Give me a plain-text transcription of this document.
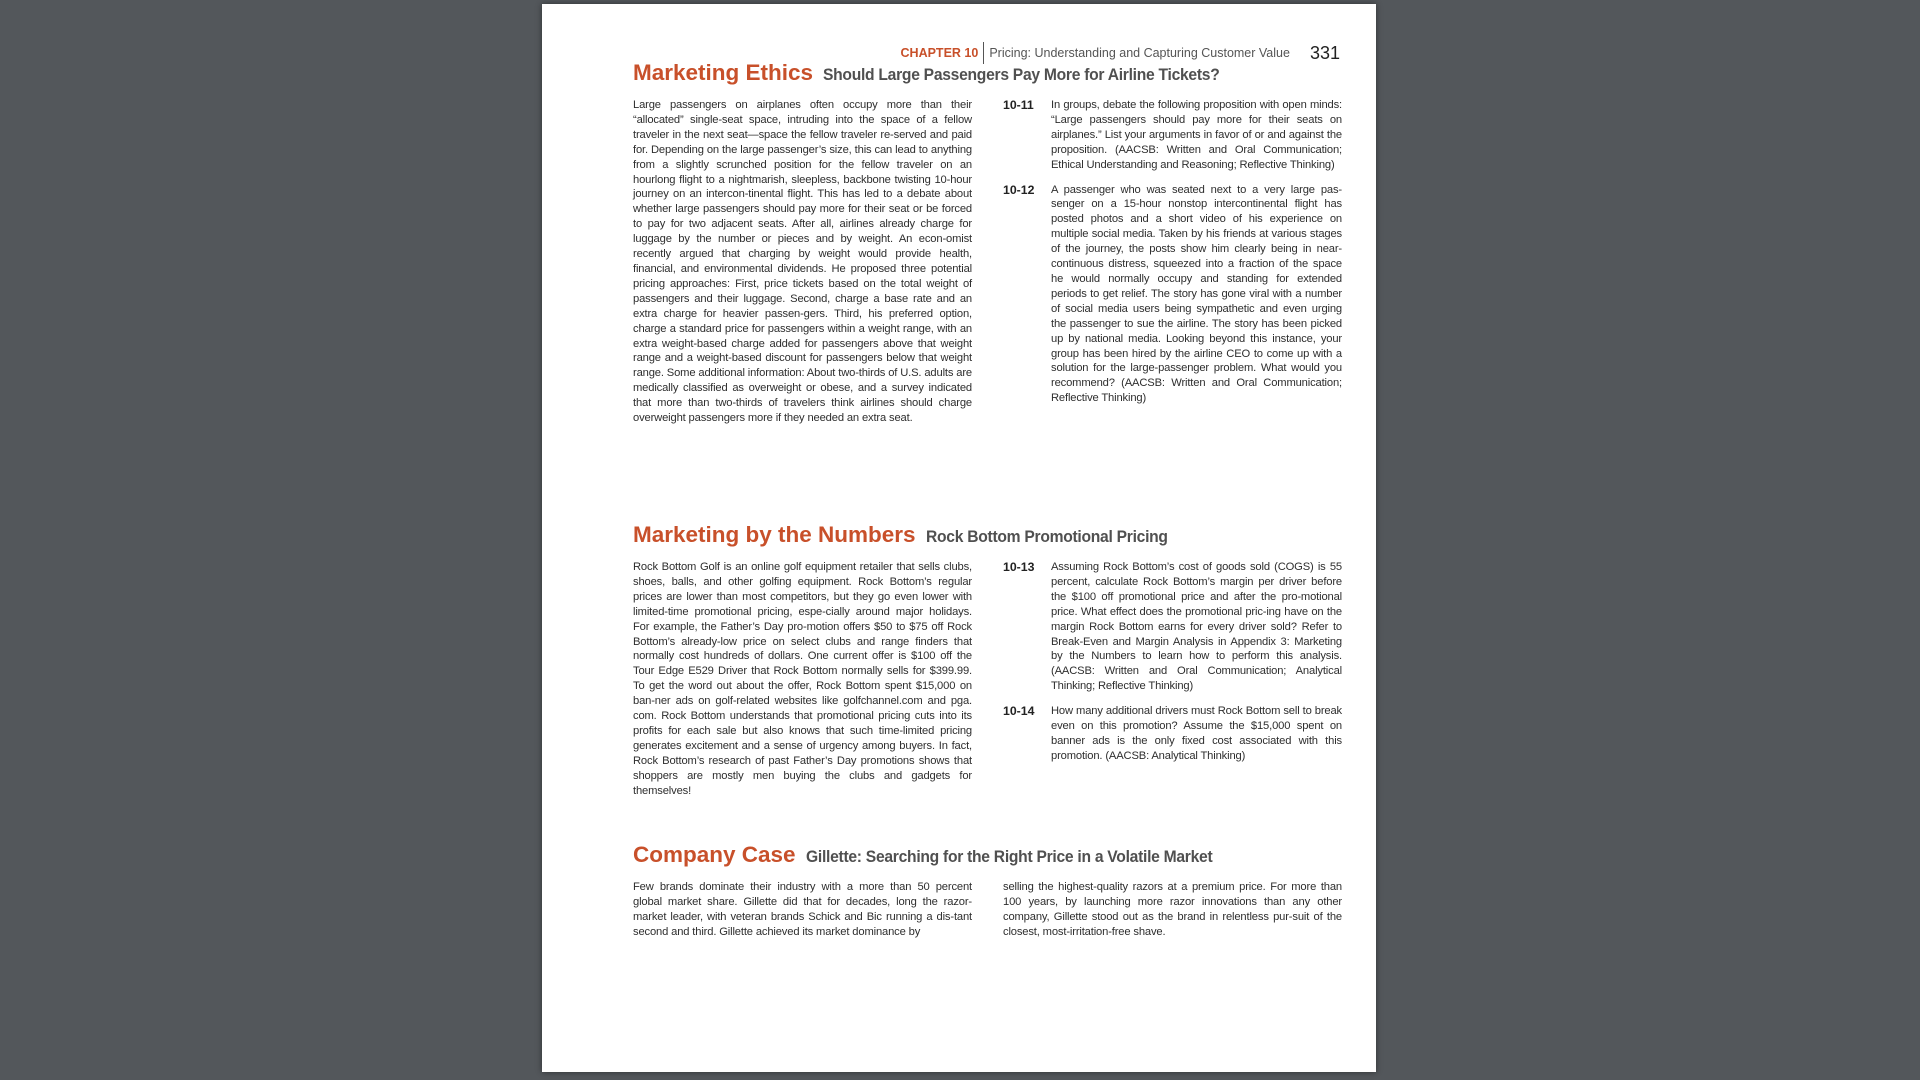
CHAPTER 10 Pricing: Understanding and Capturing Customer Value 331
Marketing Ethics Should Large Passengers Pay More for Airline Tickets?

Large passengers on airplanes often occupy more than their “allocated” single-seat space, intruding into the space of a fellow traveler in the next seat—space the fellow traveler re-served and paid for. Depending on the large passenger’s size, this can lead to anything from a slightly scrunched position for the fellow traveler on an hourlong flight to a nightmarish, sleepless, backbone twisting 10-hour journey on an intercon-tinental flight. This has led to a debate about whether large passengers should pay more for their seat or be forced to pay for two adjacent seats. After all, airlines already charge for luggage by the number or pieces and by weight. An econ-omist recently argued that charging by weight would provide health, financial, and environmental dividends. He proposed three potential pricing approaches: First, price tickets based on the total weight of passengers and their luggage. Second, charge a base rate and an extra charge for heavier passen-gers. Third, his preferred option, charge a standard price for passengers within a weight range, with an extra weight-based charge added for passengers above that weight range and a weight-based discount for passengers below that weight range. Some additional information: About two-thirds of U.S. adults are medically classified as overweight or obese, and a survey indicated that more than two-thirds of travelers think airlines should charge overweight passengers more if they needed an extra seat.

10-11	In groups, debate the following proposition with open minds: “Large passengers should pay more for their seats on airplanes.” List your arguments in favor of or and against the proposition. (AACSB: Written and Oral Communication; Ethical Understanding and Reasoning; Reflective Thinking)

10-12	A passenger who was seated next to a very large pas-senger on a 15-hour nonstop intercontinental flight has posted photos and a short video of his experience on multiple social media. Taken by his friends at various stages of the journey, the posts show him clearly being in near-continuous distress, squeezed into a fraction of the space he would normally occupy and standing for extended periods to get relief. The story has gone viral with a number of social media users being sympathetic and even urging the passenger to sue the airline. The story has been picked up by national media. Looking beyond this instance, your group has been hired by the airline CEO to come up with a solution for the large-passenger problem. What would you recommend? (AACSB: Written and Oral Communication; Reflective Thinking)

Marketing by the Numbers Rock Bottom Promotional Pricing

Rock Bottom Golf is an online golf equipment retailer that sells clubs, shoes, balls, and other golfing equipment. Rock Bottom’s regular prices are lower than most competitors, but they go even lower with limited-time promotional pricing, espe-cially around major holidays. For example, the Father’s Day pro-motion offers $50 to $75 off Rock Bottom’s already-low price on select clubs and range finders that normally cost hundreds of dollars. One current offer is $100 off the Tour Edge E529 Driver that Rock Bottom normally sells for $399.99. To get the word out about the offer, Rock Bottom spent $15,000 on ban-ner ads on golf-related websites like golfchannel.com and pga. com. Rock Bottom understands that promotional pricing cuts into its profits for each sale but also knows that such time-limited pricing generates excitement and a sense of urgency among buyers. In fact, Rock Bottom’s research of past Father’s Day promotions shows that shoppers are mostly men buying the clubs and gadgets for themselves!

10-13	Assuming Rock Bottom’s cost of goods sold (COGS) is 55 percent, calculate Rock Bottom’s margin per driver before the $100 off promotional price and after the pro-motional price. What effect does the promotional pric-ing have on the margin Rock Bottom earns for every driver sold? Refer to Break-Even and Margin Analysis in Appendix 3: Marketing by the Numbers to learn how to perform this analysis. (AACSB: Written and Oral Communication; Analytical Thinking; Reflective Thinking)

10-14	How many additional drivers must Rock Bottom sell to break even on this promotion? Assume the $15,000 spent on banner ads is the only fixed cost associated with this promotion. (AACSB: Analytical Thinking)

Company Case Gillette: Searching for the Right Price in a Volatile Market

Few brands dominate their industry with a more than 50 percent global market share. Gillette did that for decades, long the razor-market leader, with veteran brands Schick and Bic running a dis-tant second and third. Gillette achieved its market dominance by

selling the highest-quality razors at a premium price. For more than 100 years, by launching more razor innovations than any other company, Gillette stood out as the brand in relentless pur-suit of the closest, most-irritation-free shave.
